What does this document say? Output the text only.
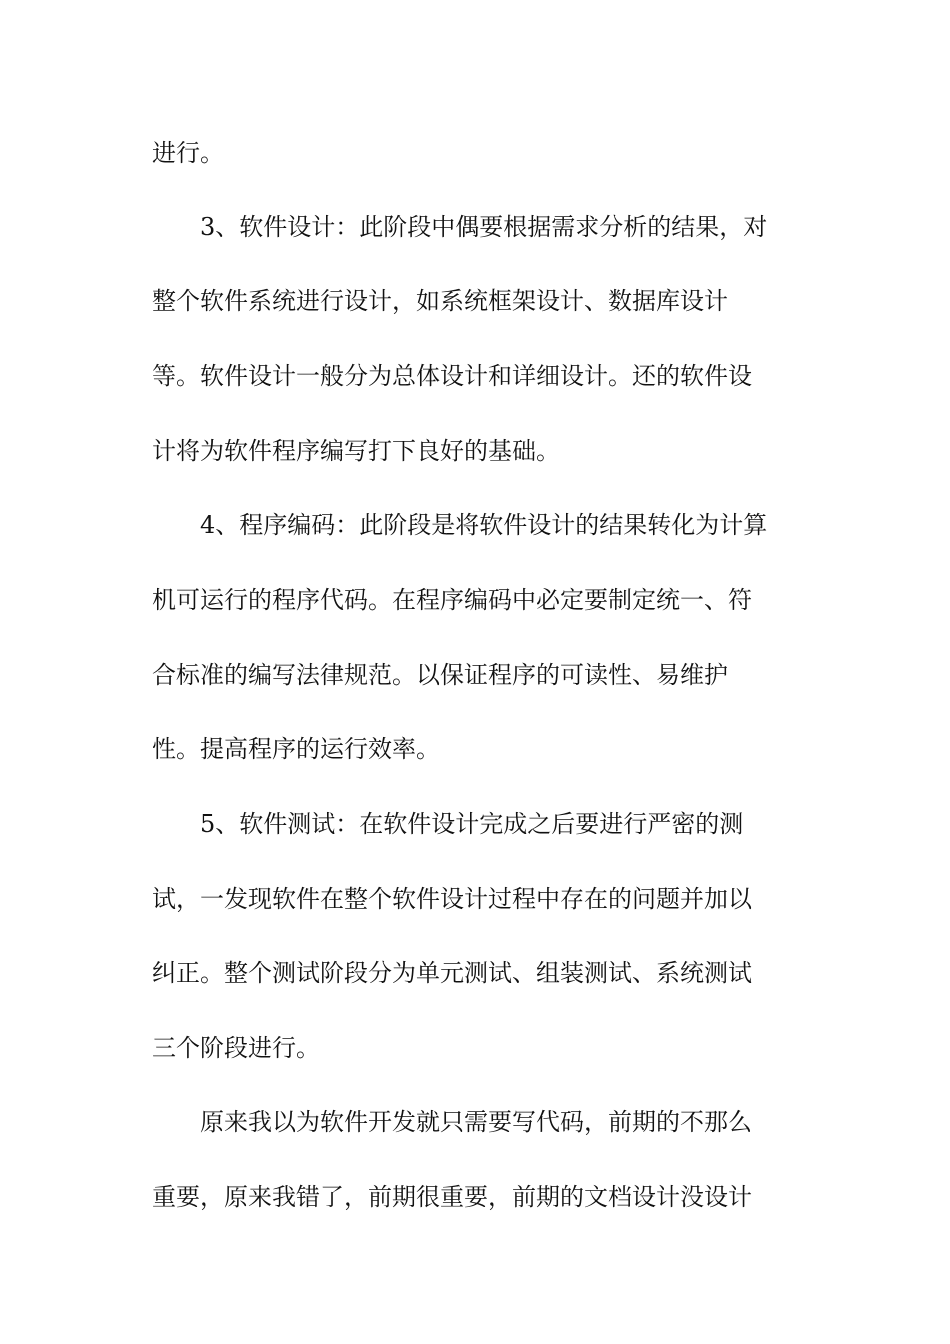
进行。
3、软件设计：此阶段中偶要根据需求分析的结果，对
整个软件系统进行设计，如系统框架设计、数据库设计
等。软件设计一般分为总体设计和详细设计。还的软件设
计将为软件程序编写打下良好的基础。
4、程序编码：此阶段是将软件设计的结果转化为计算
机可运行的程序代码。在程序编码中必定要制定统一、符
合标准的编写法律规范。以保证程序的可读性、易维护
性。提高程序的运行效率。
5、软件测试：在软件设计完成之后要进行严密的测
试，一发现软件在整个软件设计过程中存在的问题并加以
纠正。整个测试阶段分为单元测试、组装测试、系统测试
三个阶段进行。
原来我以为软件开发就只需要写代码，前期的不那么
重要，原来我错了，前期很重要，前期的文档设计没设计
